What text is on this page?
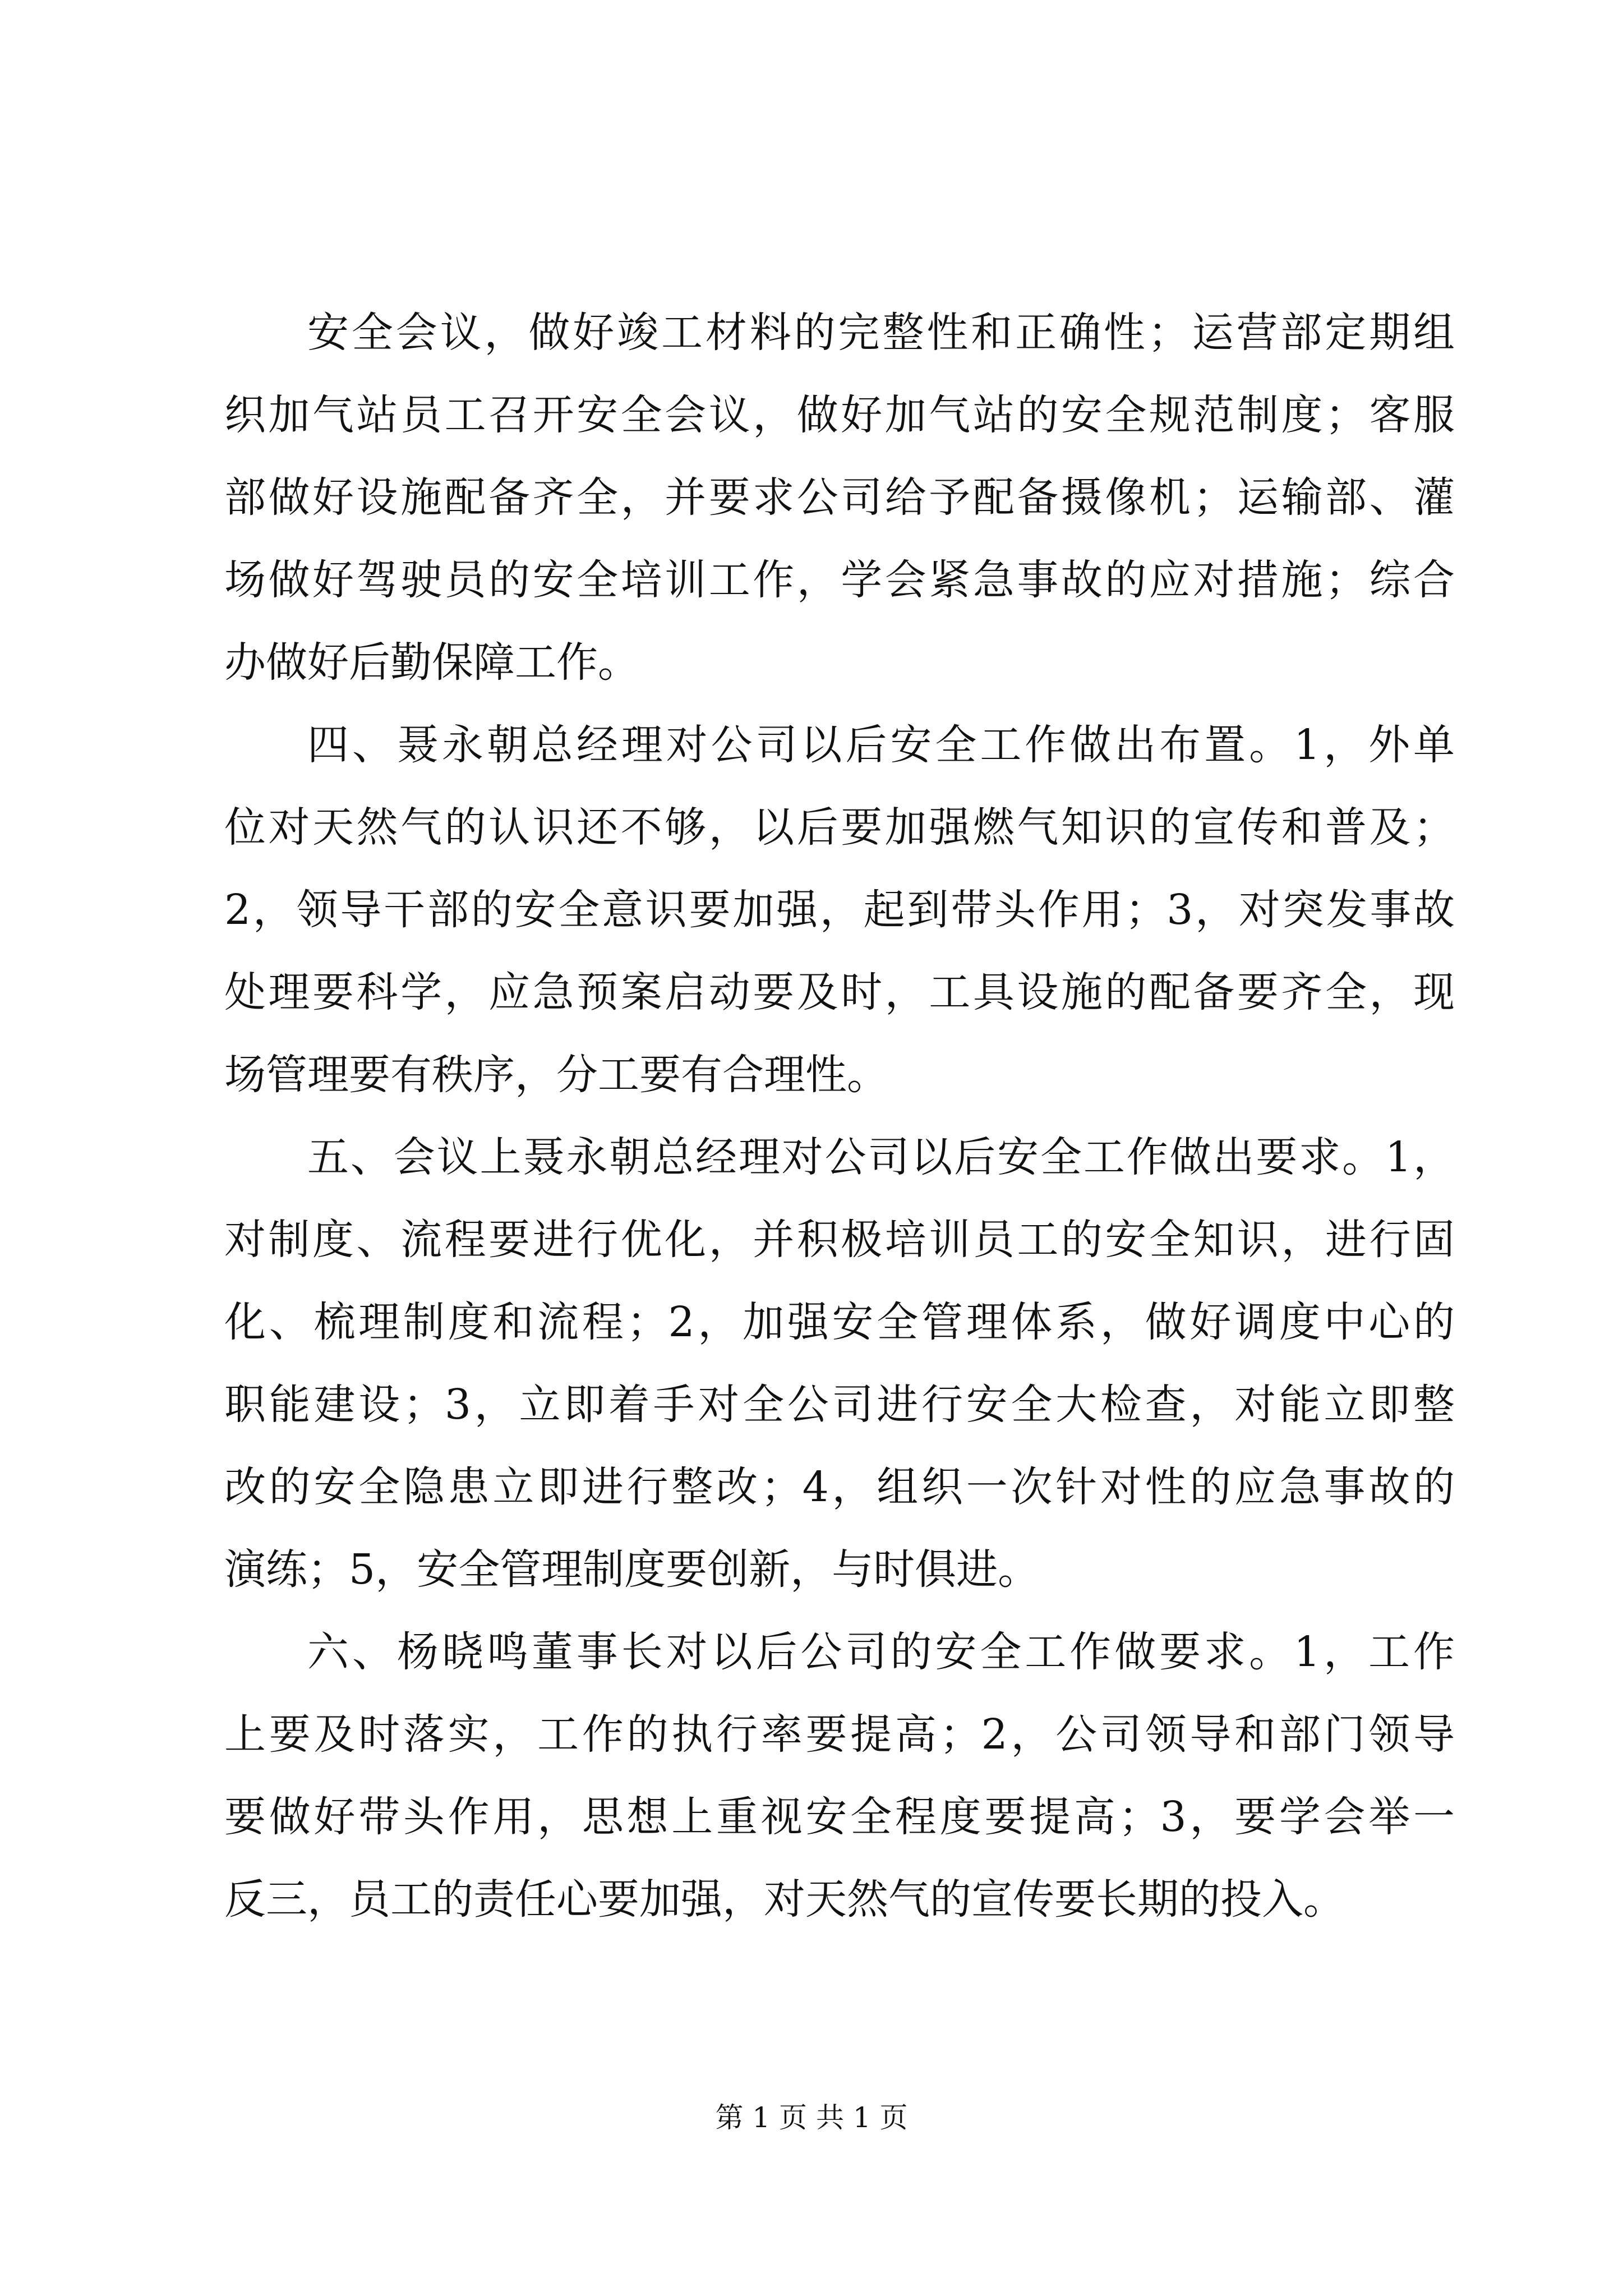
安全会议，做好竣工材料的完整性和正确性；运营部定期组
织加气站员工召开安全会议，做好加气站的安全规范制度；客服
部做好设施配备齐全，并要求公司给予配备摄像机；运输部、灌
场做好驾驶员的安全培训工作，学会紧急事故的应对措施；综合
办做好后勤保障工作。
四、聂永朝总经理对公司以后安全工作做出布置。1，外单
位对天然气的认识还不够，以后要加强燃气知识的宣传和普及；
2，领导干部的安全意识要加强，起到带头作用；3，对突发事故
处理要科学，应急预案启动要及时，工具设施的配备要齐全，现
场管理要有秩序，分工要有合理性。
五、会议上聂永朝总经理对公司以后安全工作做出要求。1，
对制度、流程要进行优化，并积极培训员工的安全知识，进行固
化、梳理制度和流程；2，加强安全管理体系，做好调度中心的
职能建设；3，立即着手对全公司进行安全大检查，对能立即整
改的安全隐患立即进行整改；4，组织一次针对性的应急事故的
演练；5，安全管理制度要创新，与时俱进。
六、杨晓鸣董事长对以后公司的安全工作做要求。1，工作
上要及时落实，工作的执行率要提高；2，公司领导和部门领导
要做好带头作用，思想上重视安全程度要提高；3，要学会举一
反三，员工的责任心要加强，对天然气的宣传要长期的投入。
第 1 页 共 1 页
